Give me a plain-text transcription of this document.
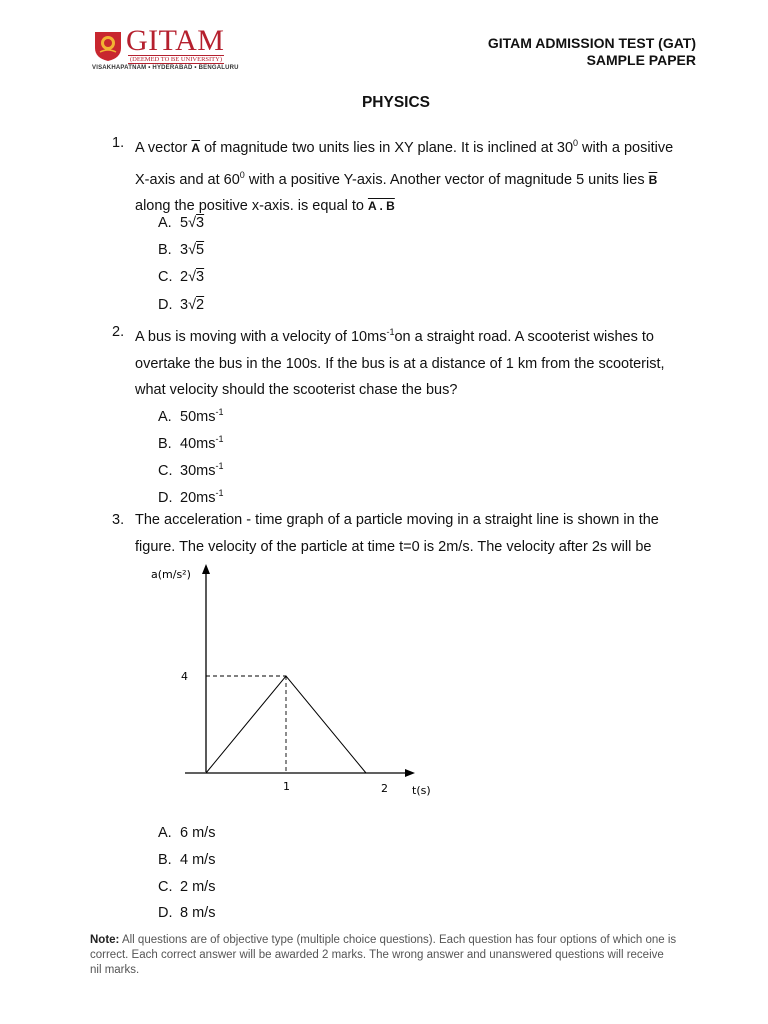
GITAM
(DEEMED TO BE UNIVERSITY)
VISAKHAPATNAM • HYDERABAD • BENGALURU
GITAM ADMISSION TEST (GAT)
SAMPLE PAPER
PHYSICS
1. A vector $\overline{A}$ of magnitude two units lies in XY plane. It is inclined at $30^0$ with a positive
X-axis and at $60^0$ with a positive Y-axis. Another vector of magnitude 5 units lies $\overline{B}$
along the positive x-axis. is equal to A . B
A. 5√3
B. 3√5
C. 2√3
D. 3√2
2. A bus is moving with a velocity of $10ms^{-1}on$ a straight road. A scooterist wishes to
overtake the bus in the 100s. If the bus is at a distance of 1 km from the scooterist,
what velocity should the scooterist chase the bus?
A. $50ms^{-1}$
B. $40ms^{-1}$
C. $30ms^{-1}$
D. $20ms^{-1}$
3. The acceleration - time graph of a particle moving in a straight line is shown in the
figure. The velocity of the particle at time t=0 is 2m/s. The velocity after 2s will be
a(m/s²)
t(s)
4
1	2
A. 6 m/s
B. 4 m/s
C. 2 m/s
D. 8 m/s
Note: All questions are of objective type (multiple choice questions). Each question has four options of which one is correct. Each correct answer will be awarded 2 marks. The wrong answer and unanswered questions will receive nil marks.
